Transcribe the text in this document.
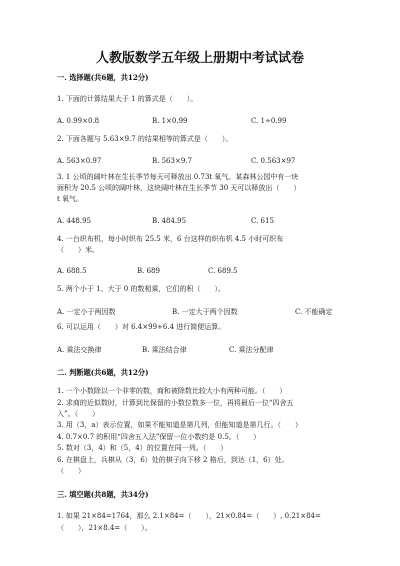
人教版数学五年级上册期中考试试卷
一. 选择题(共6题，共12分)
1. 下面的计算结果大于 1 的算式是（　　）。
A. 0.99×0.8	B. 1×0.99	C. 1÷0.99
2. 下面各题与 5.63×9.7 的结果相等的算式是（　　）。
A. 563×0.97	B. 563×9.7	C. 0.563×97
3. 1 公顷的阔叶林在生长季节每天可释放出 0.73t 氧气。某森林公园中有一块
面积为 20.5 公顷的阔叶林，这块阔叶林在生长季节 30 天可以释放出（　　）
t 氧气。
A. 448.95	B. 484.95	C. 615
4. 一台织布机，每小时织布 25.5 米，6 台这样的织布机 4.5 小时可织布
（　　）米。
A. 688.5	B. 689	C. 689.5
5. 两个小于 1、大于 0 的数相乘，它们的积（　　）。
A. 一定小于两因数	B. 一定大于两个因数	C. 不能确定
6. 可以运用（　　）对 6.4×99+6.4 进行简便运算。
A. 乘法交换律	B. 乘法结合律	C. 乘法分配律
二. 判断题(共6题，共12分)
1. 一个小数除以一个非零的数，商和被除数比较大小有两种可能。（　　）
2. 求商的近似数时，计算到比保留的小数位数多一位，再将最后一位“四舍五
入”。（　　）
3. 用（3，a）表示位置，如果不能知道是第几列，但能知道是第几行。（　　）
4. 0.7×0.7 的积用“四舍五入法”保留一位小数约是 0.5。（　　）
5. 数对（3，4）和（5，4）的位置在同一列。（　　）
6. 在棋盘上，兵棋从（3，6）处的棋子向下移 2 格后，到达（1，6）处。
（　　）
三. 填空题(共8题，共34分)
1. 如果 21×84=1764，那么 2.1×84=（　　），21×0.84=（　　）, 0.21×84=
（　　），21×8.4=（　　）。
